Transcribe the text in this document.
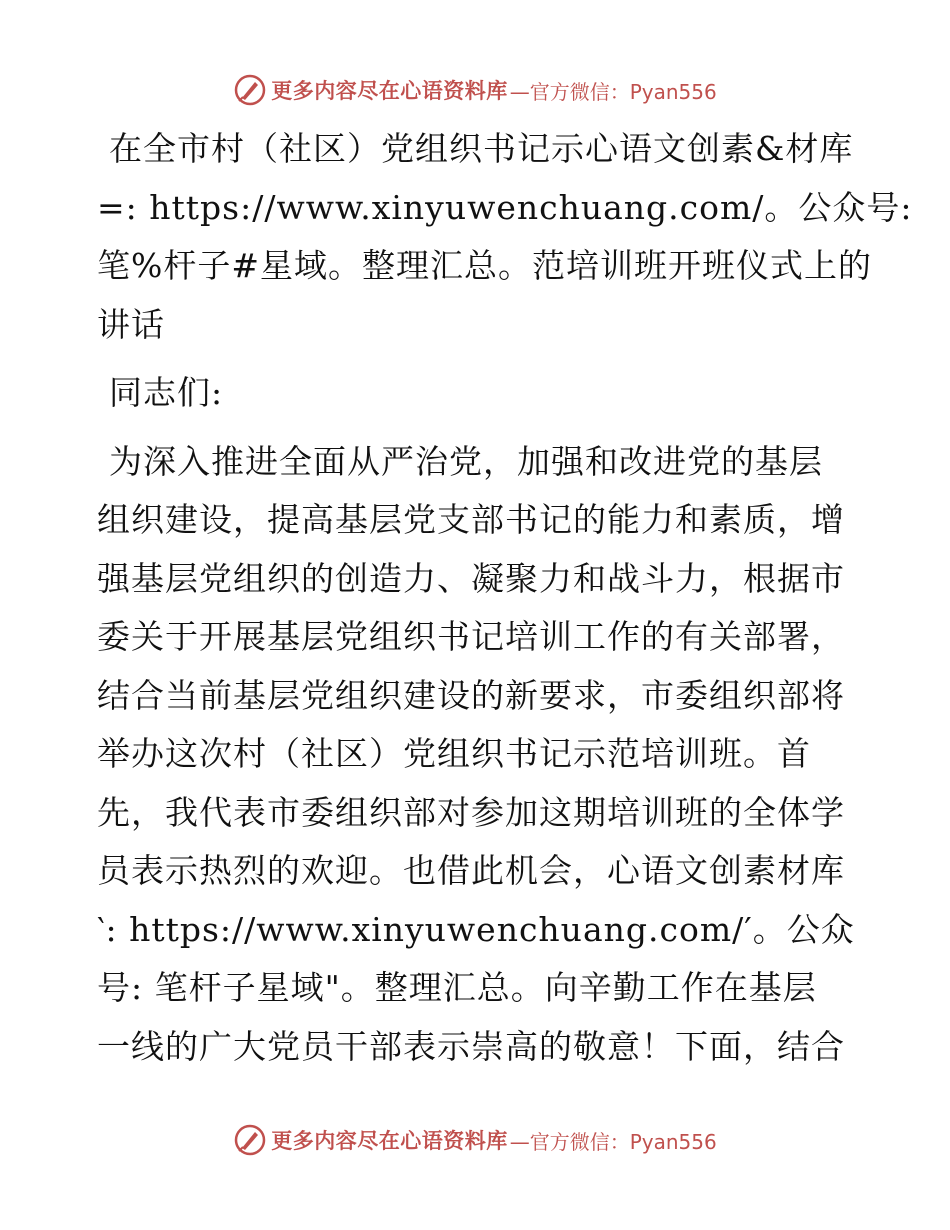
更多内容尽在心语资料库 —官方微信：Pyan556

在全市村（社区）党组织书记示心语文创素&材库
=: https://www.xinyuwenchuang.com/。公众号:
笔%杆子#星域。整理汇总。范培训班开班仪式上的
讲话

同志们:

为深入推进全面从严治党，加强和改进党的基层
组织建设，提高基层党支部书记的能力和素质，增
强基层党组织的创造力、凝聚力和战斗力，根据市
委关于开展基层党组织书记培训工作的有关部署，
结合当前基层党组织建设的新要求，市委组织部将
举办这次村（社区）党组织书记示范培训班。首
先，我代表市委组织部对参加这期培训班的全体学
员表示热烈的欢迎。也借此机会，心语文创素材库
‵: https://www.xinyuwenchuang.com/′。公众
号: 笔杆子星域"。整理汇总。向辛勤工作在基层
一线的广大党员干部表示崇高的敬意！下面，结合

更多内容尽在心语资料库 —官方微信：Pyan556
